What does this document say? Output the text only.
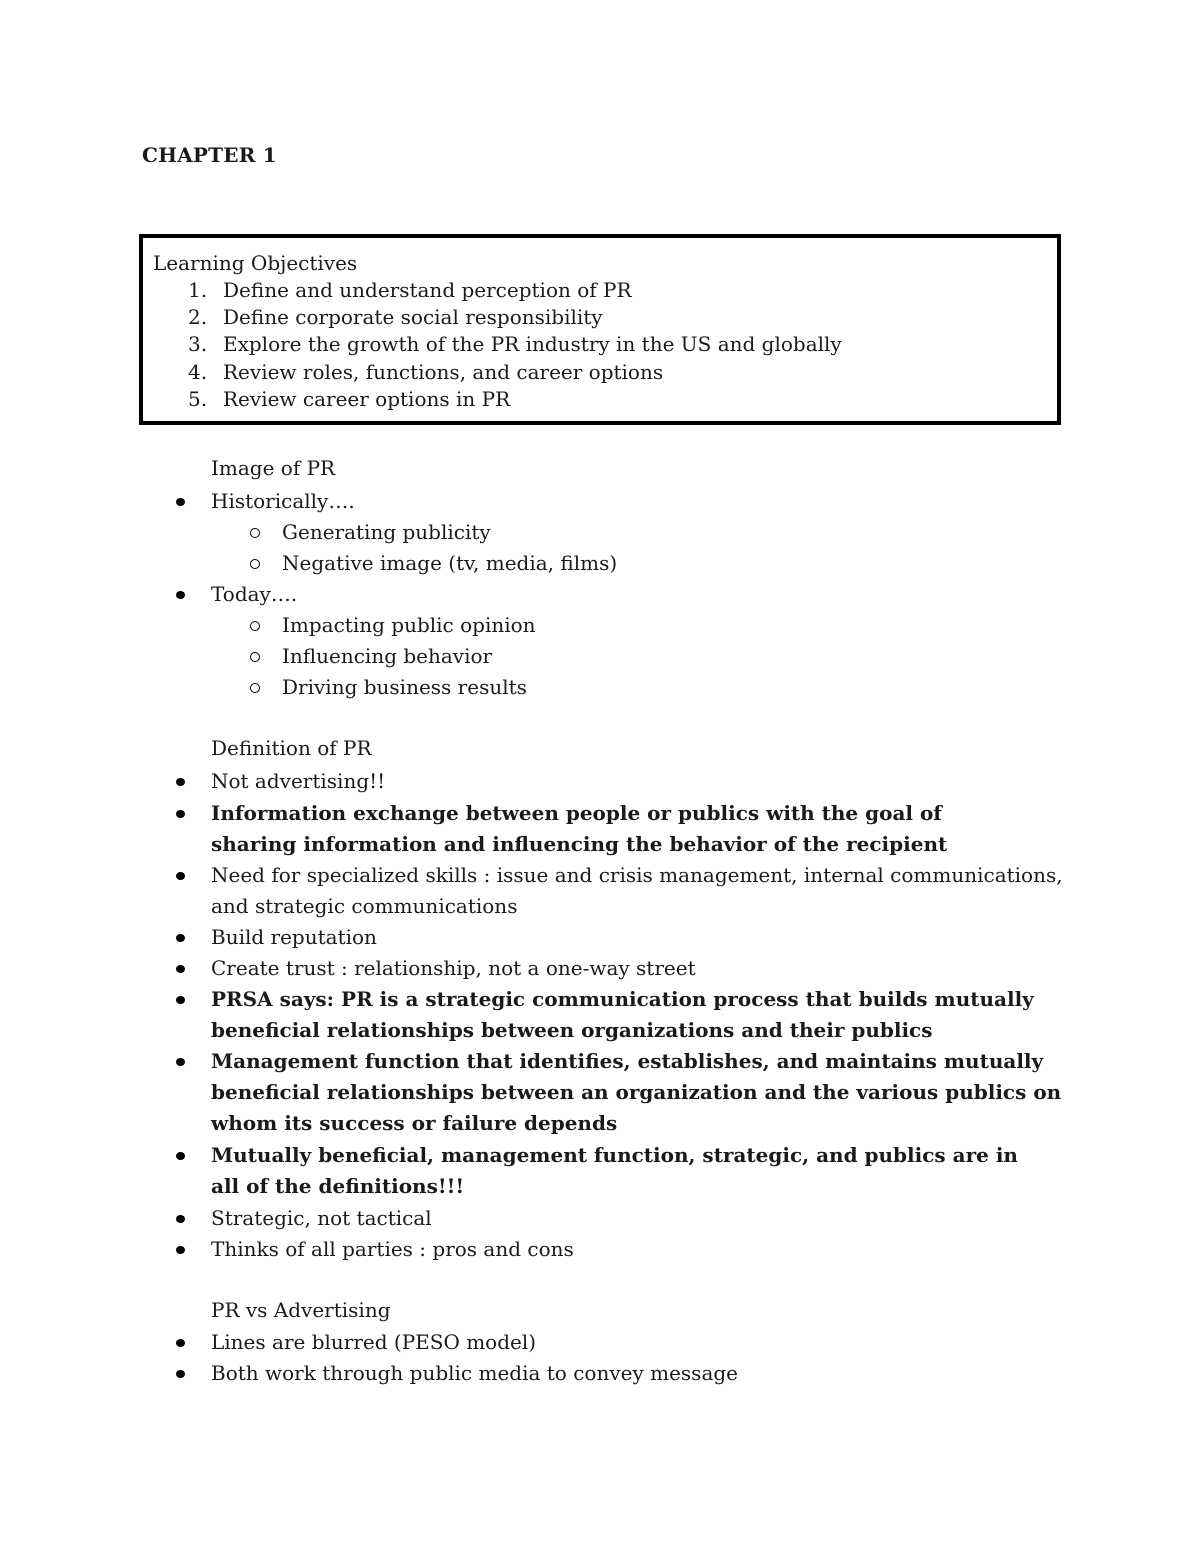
CHAPTER 1
Learning Objectives
1. Define and understand perception of PR
2. Define corporate social responsibility
3. Explore the growth of the PR industry in the US and globally
4. Review roles, functions, and career options
5. Review career options in PR
Image of PR
Historically….
Generating publicity
Negative image (tv, media, films)
Today….
Impacting public opinion
Influencing behavior
Driving business results
Definition of PR
Not advertising!!
Information exchange between people or publics with the goal of sharing information and influencing the behavior of the recipient
Need for specialized skills : issue and crisis management, internal communications, and strategic communications
Build reputation
Create trust : relationship, not a one-way street
PRSA says: PR is a strategic communication process that builds mutually beneficial relationships between organizations and their publics
Management function that identifies, establishes, and maintains mutually beneficial relationships between an organization and the various publics on whom its success or failure depends
Mutually beneficial, management function, strategic, and publics are in all of the definitions!!!
Strategic, not tactical
Thinks of all parties : pros and cons
PR vs Advertising
Lines are blurred (PESO model)
Both work through public media to convey message
